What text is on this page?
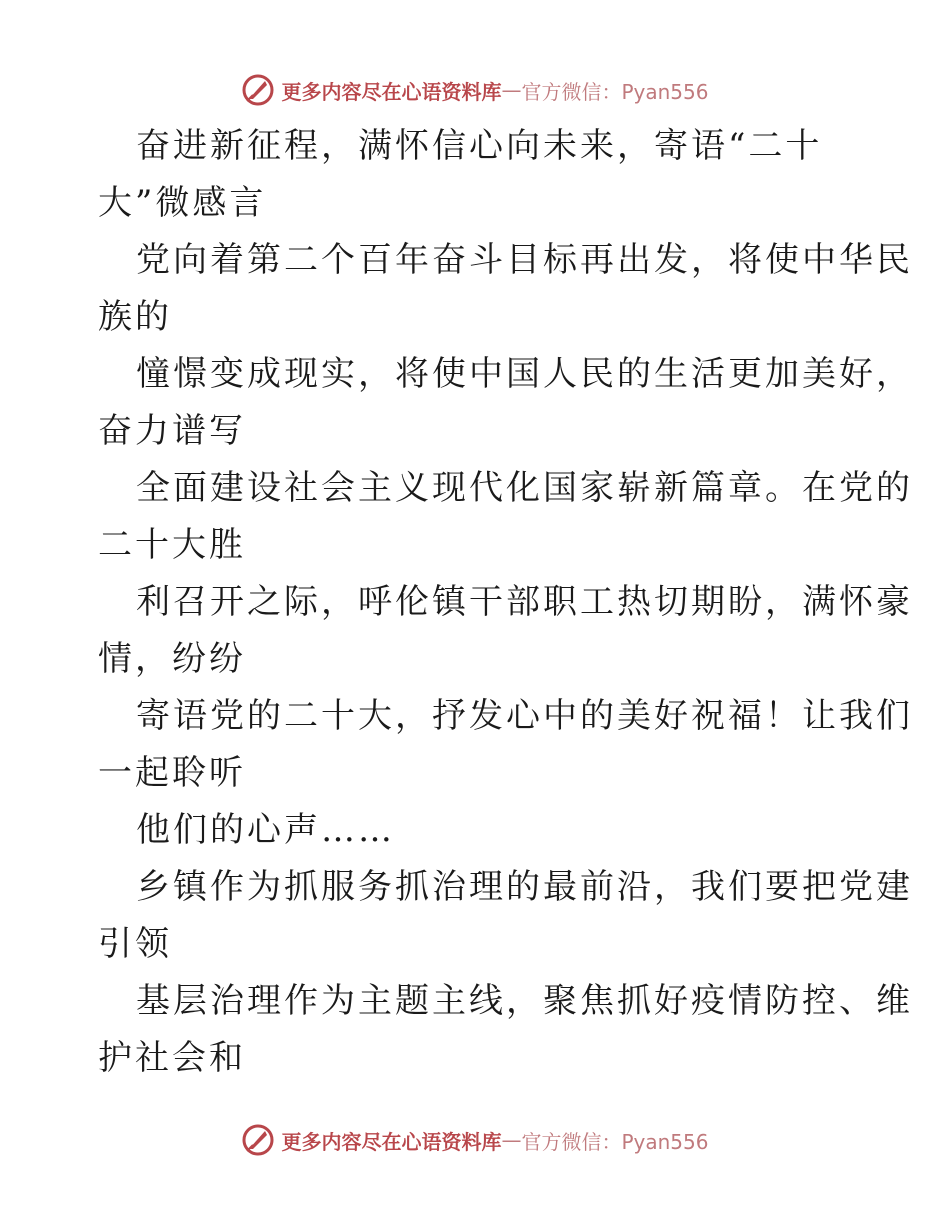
更多内容尽在心语资料库 — 官方微信：Pyan556
奋进新征程，满怀信心向未来，寄语“二十
大”微感言
党向着第二个百年奋斗目标再出发，将使中华民
族的
憧憬变成现实，将使中国人民的生活更加美好，
奋力谱写
全面建设社会主义现代化国家崭新篇章。在党的
二十大胜
利召开之际，呼伦镇干部职工热切期盼，满怀豪
情，纷纷
寄语党的二十大，抒发心中的美好祝福！让我们
一起聆听
他们的心声……
乡镇作为抓服务抓治理的最前沿，我们要把党建
引领
基层治理作为主题主线，聚焦抓好疫情防控、维
护社会和
更多内容尽在心语资料库 — 官方微信：Pyan556
